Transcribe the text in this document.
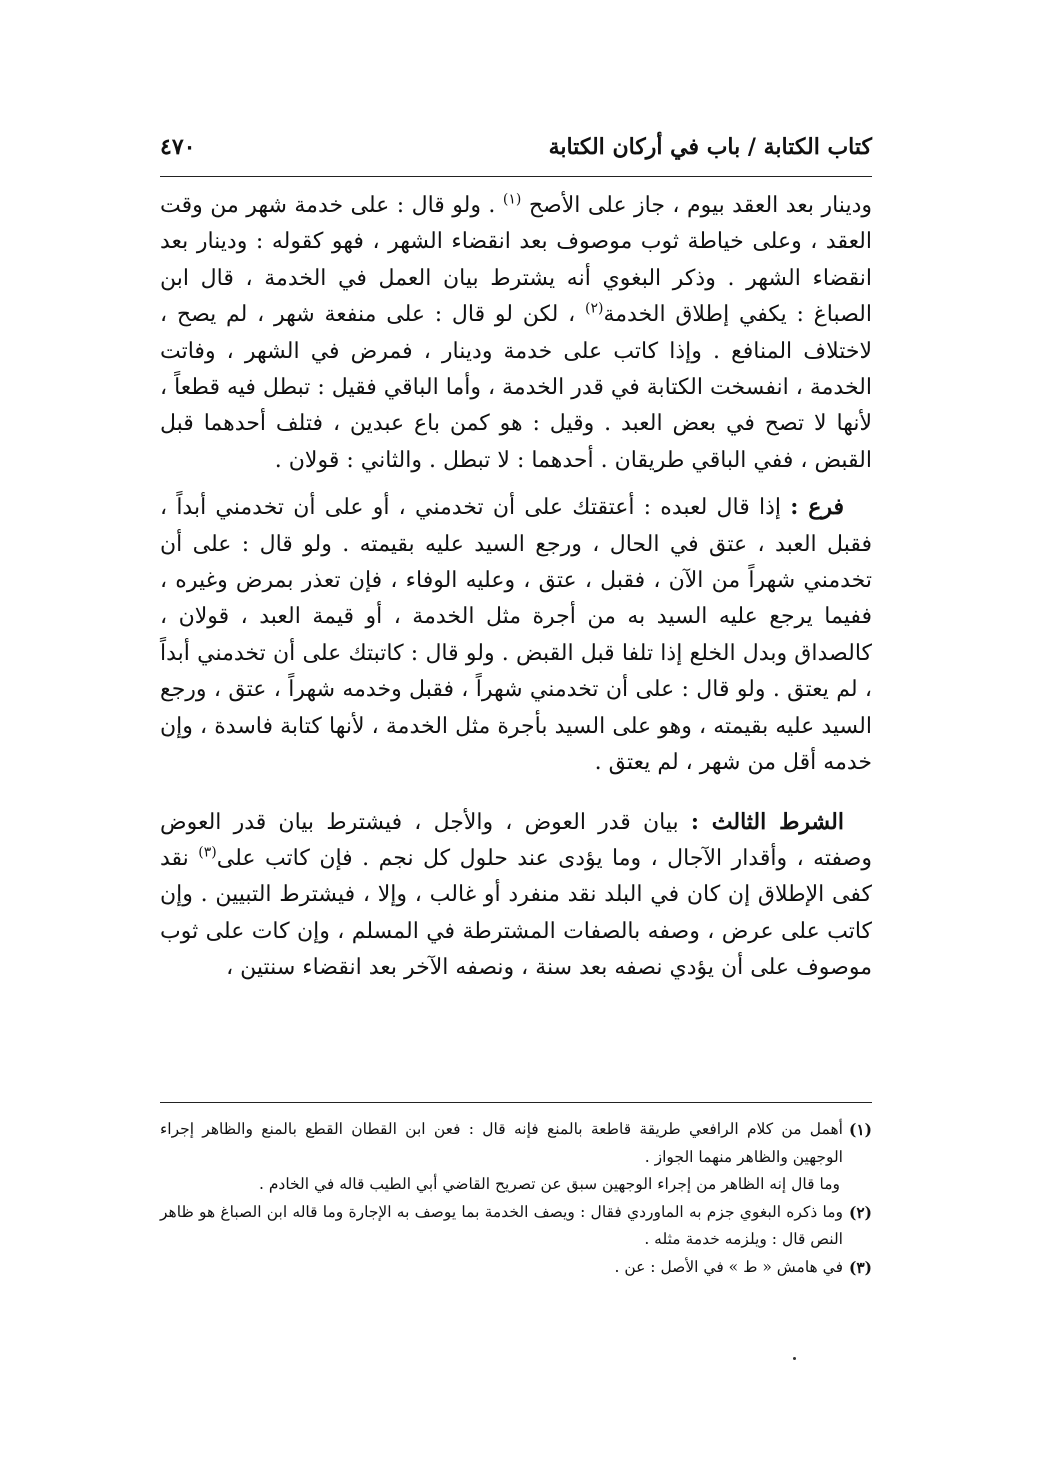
كتاب الكتابة / باب في أركان الكتابة
٤٧٠

ودينار بعد العقد بيوم ، جاز على الأصح $^{(١)}$ . ولو قال : على خدمة شهر من وقت العقد ، وعلى خياطة ثوب موصوف بعد انقضاء الشهر ، فهو كقوله : ودينار بعد انقضاء الشهر . وذكر البغوي أنه يشترط بيان العمل في الخدمة ، قال ابن الصباغ : يكفي إطلاق الخدمة$^{(٢)}$ ، لكن لو قال : على منفعة شهر ، لم يصح ، لاختلاف المنافع . وإذا كاتب على خدمة ودينار ، فمرض في الشهر ، وفاتت الخدمة ، انفسخت الكتابة في قدر الخدمة ، وأما الباقي فقيل : تبطل فيه قطعاً ، لأنها لا تصح في بعض العبد . وقيل : هو كمن باع عبدين ، فتلف أحدهما قبل القبض ، ففي الباقي طريقان . أحدهما : لا تبطل . والثاني : قولان .

فرع : إذا قال لعبده : أعتقتك على أن تخدمني ، أو على أن تخدمني أبداً ، فقبل العبد ، عتق في الحال ، ورجع السيد عليه بقيمته . ولو قال : على أن تخدمني شهراً من الآن ، فقبل ، عتق ، وعليه الوفاء ، فإن تعذر بمرض وغيره ، ففيما يرجع عليه السيد به من أجرة مثل الخدمة ، أو قيمة العبد ، قولان ، كالصداق وبدل الخلع إذا تلفا قبل القبض . ولو قال : كاتبتك على أن تخدمني أبداً ، لم يعتق . ولو قال : على أن تخدمني شهراً ، فقبل وخدمه شهراً ، عتق ، ورجع السيد عليه بقيمته ، وهو على السيد بأجرة مثل الخدمة ، لأنها كتابة فاسدة ، وإن خدمه أقل من شهر ، لم يعتق .

الشرط الثالث : بيان قدر العوض ، والأجل ، فيشترط بيان قدر العوض وصفته ، وأقدار الآجال ، وما يؤدى عند حلول كل نجم . فإن كاتب على$^{(٣)}$ نقد كفى الإطلاق إن كان في البلد نقد منفرد أو غالب ، وإلا ، فيشترط التبيين . وإن كاتب على عرض ، وصفه بالصفات المشترطة في المسلم ، وإن كات على ثوب موصوف على أن يؤدي نصفه بعد سنة ، ونصفه الآخر بعد انقضاء سنتين ،

(١)
أهمل من كلام الرافعي طريقة قاطعة بالمنع فإنه قال : فعن ابن القطان القطع بالمنع والظاهر إجراء الوجهين والظاهر منهما الجواز .

وما قال إنه الظاهر من إجراء الوجهين سبق عن تصريح القاضي أبي الطيب قاله في الخادم .

(٢)
وما ذكره البغوي جزم به الماوردي فقال : ويصف الخدمة بما يوصف به الإجارة وما قاله ابن الصباغ هو ظاهر النص قال : ويلزمه خدمة مثله .

(٣)
في هامش « ط » في الأصل : عن .
